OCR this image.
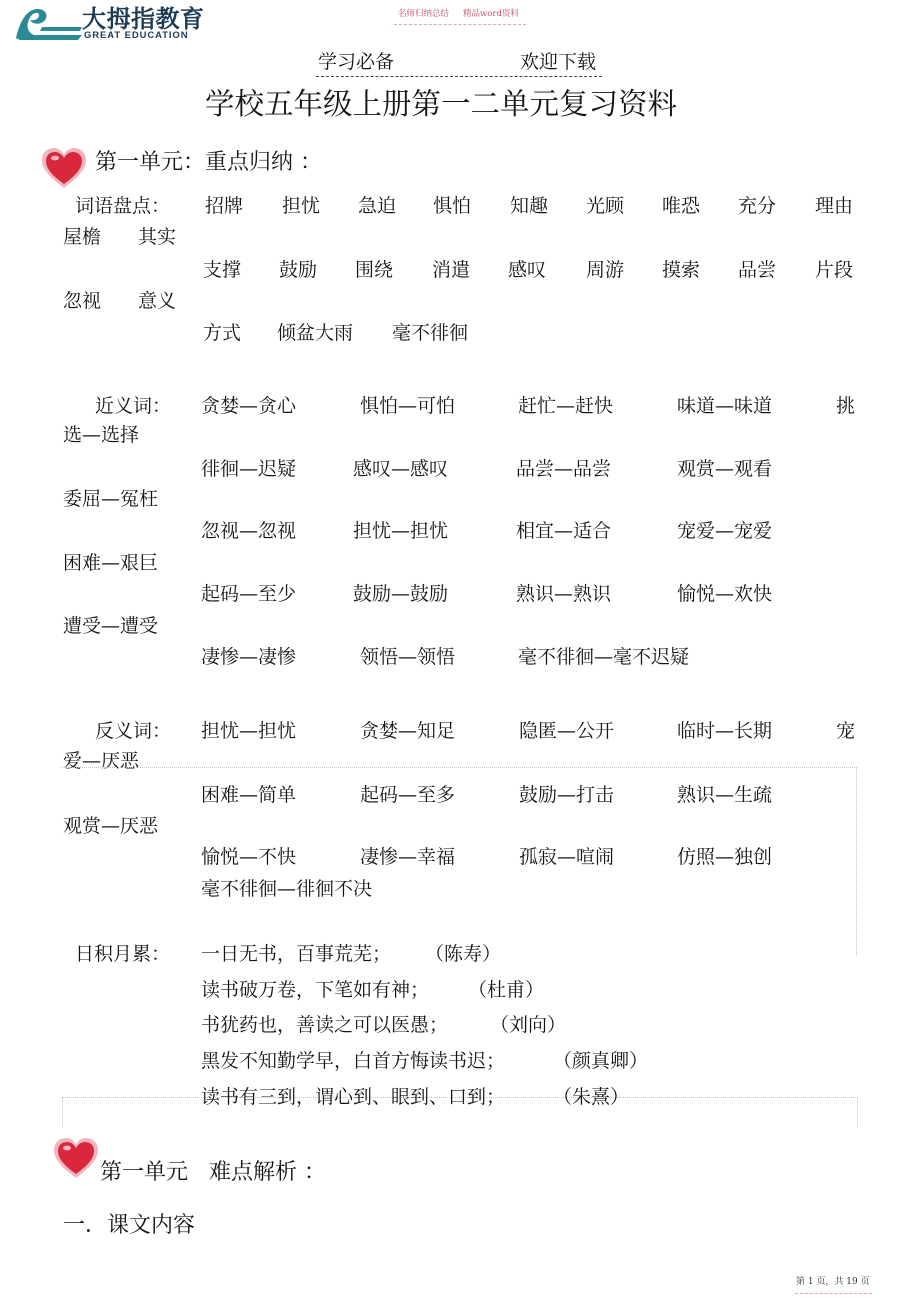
大拇指教育
GREAT EDUCATION
名师归纳总结 精品word资料
学习必备	欢迎下载
学校五年级上册第一二单元复习资料
第一单元：重点归纳 ：
词语盘点： 招牌 担忧 急迫 惧怕 知趣 光顾 唯恐 充分 理由
屋檐 其实
支撑 鼓励 围绕 消遣 感叹 周游 摸索 品尝 片段
忽视 意义
方式 倾盆大雨 毫不徘徊
近义词： 贪婪—贪心	惧怕—可怕	赶忙—赶快	味道—味道	挑
选—选择
徘徊—迟疑	感叹—感叹	品尝—品尝	观赏—观看
委屈—冤枉
忽视—忽视	担忧—担忧	相宜—适合	宠爱—宠爱
困难—艰巨
起码—至少	鼓励—鼓励	熟识—熟识	愉悦—欢快
遭受—遭受
凄惨—凄惨	领悟—领悟	毫不徘徊—毫不迟疑
反义词： 担忧—担忧	贪婪—知足	隐匿—公开	临时—长期	宠
爱—厌恶
困难—简单	起码—至多	鼓励—打击	熟识—生疏
观赏—厌恶
愉悦—不快	凄惨—幸福	孤寂—喧闹	仿照—独创
毫不徘徊—徘徊不决
日积月累： 一日无书，百事荒芜； （陈寿）
读书破万卷，下笔如有神； （杜甫）
书犹药也，善读之可以医愚； （刘向）
黑发不知勤学早，白首方悔读书迟；	（颜真卿）
读书有三到，谓心到、眼到、口到；	（朱熹）
第一单元   难点解析 ：
一．课文内容
第 1 页，共 19 页
